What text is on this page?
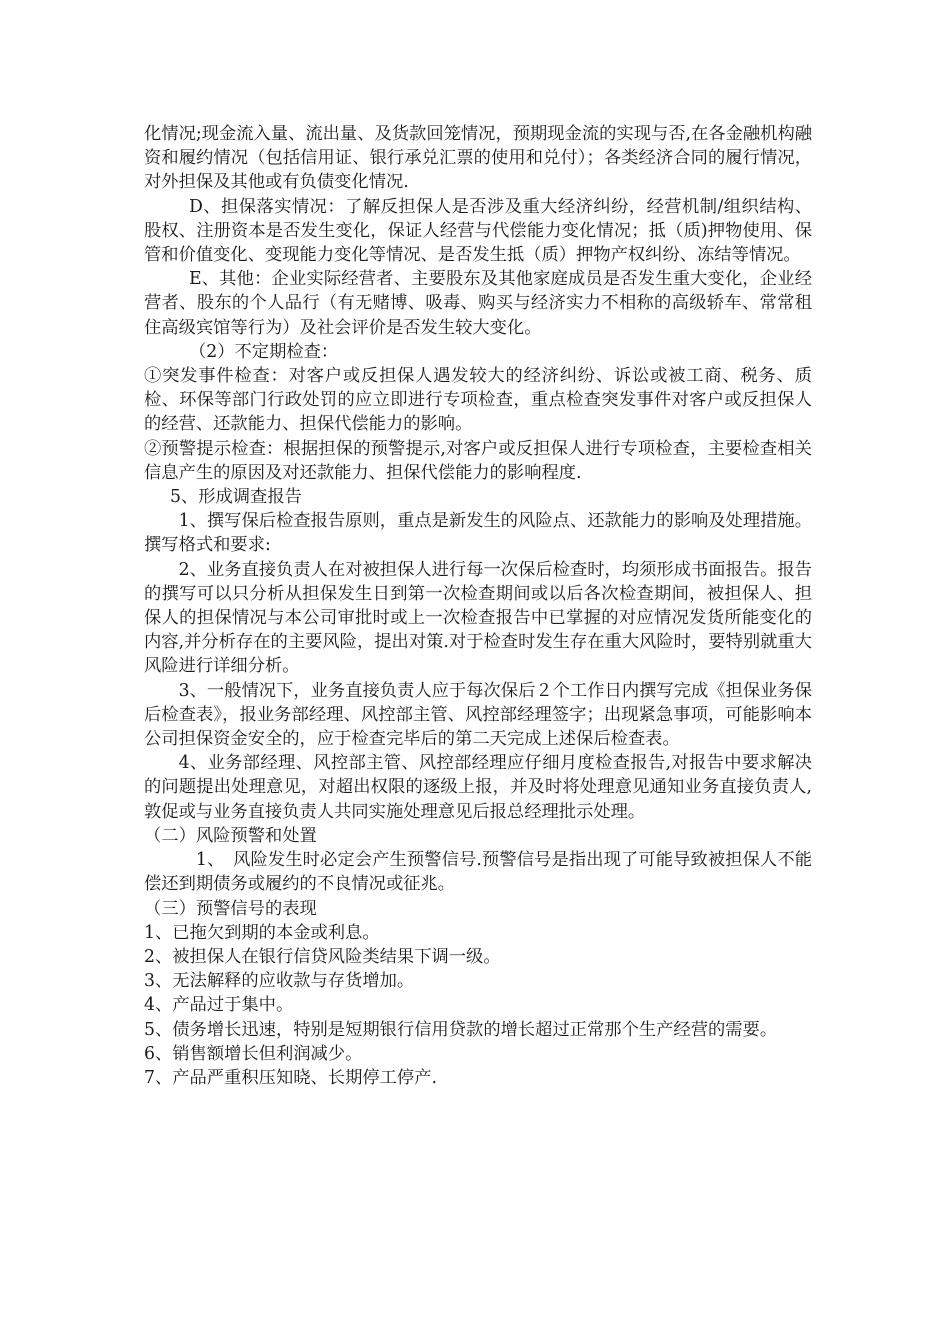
化情况;现金流入量、流出量、及货款回笼情况，预期现金流的实现与否,在各金融机构融资和履约情况（包括信用证、银行承兑汇票的使用和兑付）；各类经济合同的履行情况，对外担保及其他或有负债变化情况.

D、担保落实情况：了解反担保人是否涉及重大经济纠纷，经营机制/组织结构、股权、注册资本是否发生变化，保证人经营与代偿能力变化情况；抵（质)押物使用、保管和价值变化、变现能力变化等情况、是否发生抵（质）押物产权纠纷、冻结等情况。

E、其他：企业实际经营者、主要股东及其他家庭成员是否发生重大变化，企业经营者、股东的个人品行（有无赌博、吸毒、购买与经济实力不相称的高级轿车、常常租住高级宾馆等行为）及社会评价是否发生较大变化。

（2）不定期检查：

①突发事件检查：对客户或反担保人遇发较大的经济纠纷、诉讼或被工商、税务、质检、环保等部门行政处罚的应立即进行专项检查，重点检查突发事件对客户或反担保人的经营、还款能力、担保代偿能力的影响。

②预警提示检查：根据担保的预警提示,对客户或反担保人进行专项检查，主要检查相关信息产生的原因及对还款能力、担保代偿能力的影响程度.

5、形成调查报告

1、撰写保后检查报告原则，重点是新发生的风险点、还款能力的影响及处理措施。撰写格式和要求:

2、业务直接负责人在对被担保人进行每一次保后检查时，均须形成书面报告。报告的撰写可以只分析从担保发生日到第一次检查期间或以后各次检查期间，被担保人、担保人的担保情况与本公司审批时或上一次检查报告中已掌握的对应情况发货所能变化的内容,并分析存在的主要风险，提出对策.对于检查时发生存在重大风险时，要特别就重大风险进行详细分析。

3、一般情况下，业务直接负责人应于每次保后２个工作日内撰写完成《担保业务保后检查表》，报业务部经理、风控部主管、风控部经理签字；出现紧急事项，可能影响本公司担保资金安全的，应于检查完毕后的第二天完成上述保后检查表。

4、业务部经理、风控部主管、风控部经理应仔细月度检查报告,对报告中要求解决的问题提出处理意见，对超出权限的逐级上报，并及时将处理意见通知业务直接负责人,敦促或与业务直接负责人共同实施处理意见后报总经理批示处理。

（二）风险预警和处置

1、　风险发生时必定会产生预警信号.预警信号是指出现了可能导致被担保人不能偿还到期债务或履约的不良情况或征兆。

（三）预警信号的表现

1、已拖欠到期的本金或利息。

2、被担保人在银行信贷风险类结果下调一级。

3、无法解释的应收款与存货增加。

4、产品过于集中。

5、债务增长迅速，特别是短期银行信用贷款的增长超过正常那个生产经营的需要。

6、销售额增长但利润减少。

7、产品严重积压知晓、长期停工停产.
